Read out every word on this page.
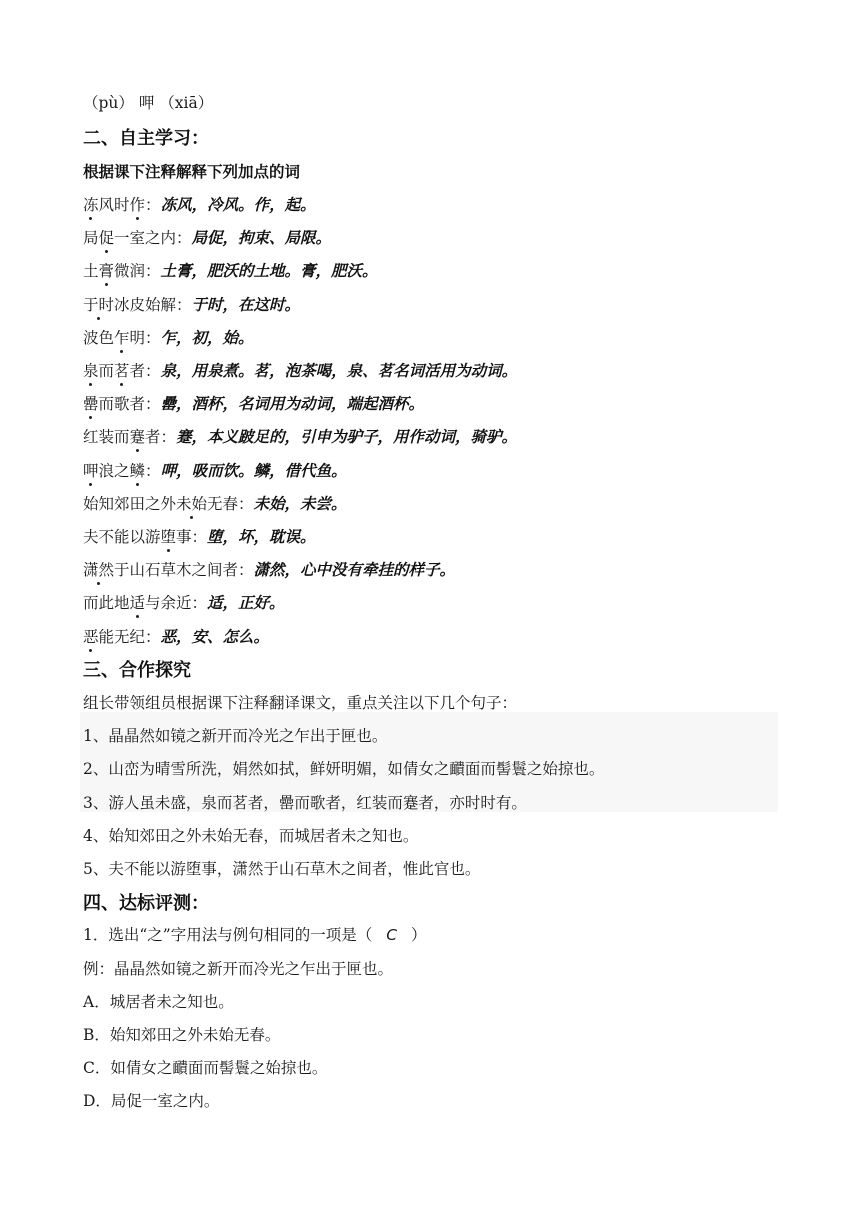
（pù） 呷 （xiā）
二、自主学习：
根据课下注释解释下列加点的词
冻风时作：冻风，冷风。作，起。
局促一室之内：局促，拘束、局限。
土膏微润：土膏，肥沃的土地。膏，肥沃。
于时冰皮始解：于时，在这时。
波色乍明：乍，初，始。
泉而茗者：泉，用泉煮。茗，泡茶喝，泉、茗名词活用为动词。
罍而歌者：罍，酒杯，名词用为动词，端起酒杯。
红装而蹇者：蹇，本义跛足的，引申为驴子，用作动词，骑驴。
呷浪之鳞：呷，吸而饮。鳞，借代鱼。
始知郊田之外未始无春：未始，未尝。
夫不能以游堕事：堕，坏，耽误。
潇然于山石草木之间者：潇然，心中没有牵挂的样子。
而此地适与余近：适，正好。
恶能无纪：恶，安、怎么。
三、合作探究
组长带领组员根据课下注释翻译课文，重点关注以下几个句子：
1、晶晶然如镜之新开而冷光之乍出于匣也。
2、山峦为晴雪所洗，娟然如拭，鲜妍明媚，如倩女之靧面而髻鬟之始掠也。
3、游人虽未盛，泉而茗者，罍而歌者，红装而蹇者，亦时时有。
4、始知郊田之外未始无春，而城居者未之知也。
5、夫不能以游堕事，潇然于山石草木之间者，惟此官也。
四、达标评测：
1．选出“之”字用法与例句相同的一项是（ C ）
例：晶晶然如镜之新开而冷光之乍出于匣也。
A．城居者未之知也。
B．始知郊田之外未始无春。
C．如倩女之靧面而髻鬟之始掠也。
D．局促一室之内。
